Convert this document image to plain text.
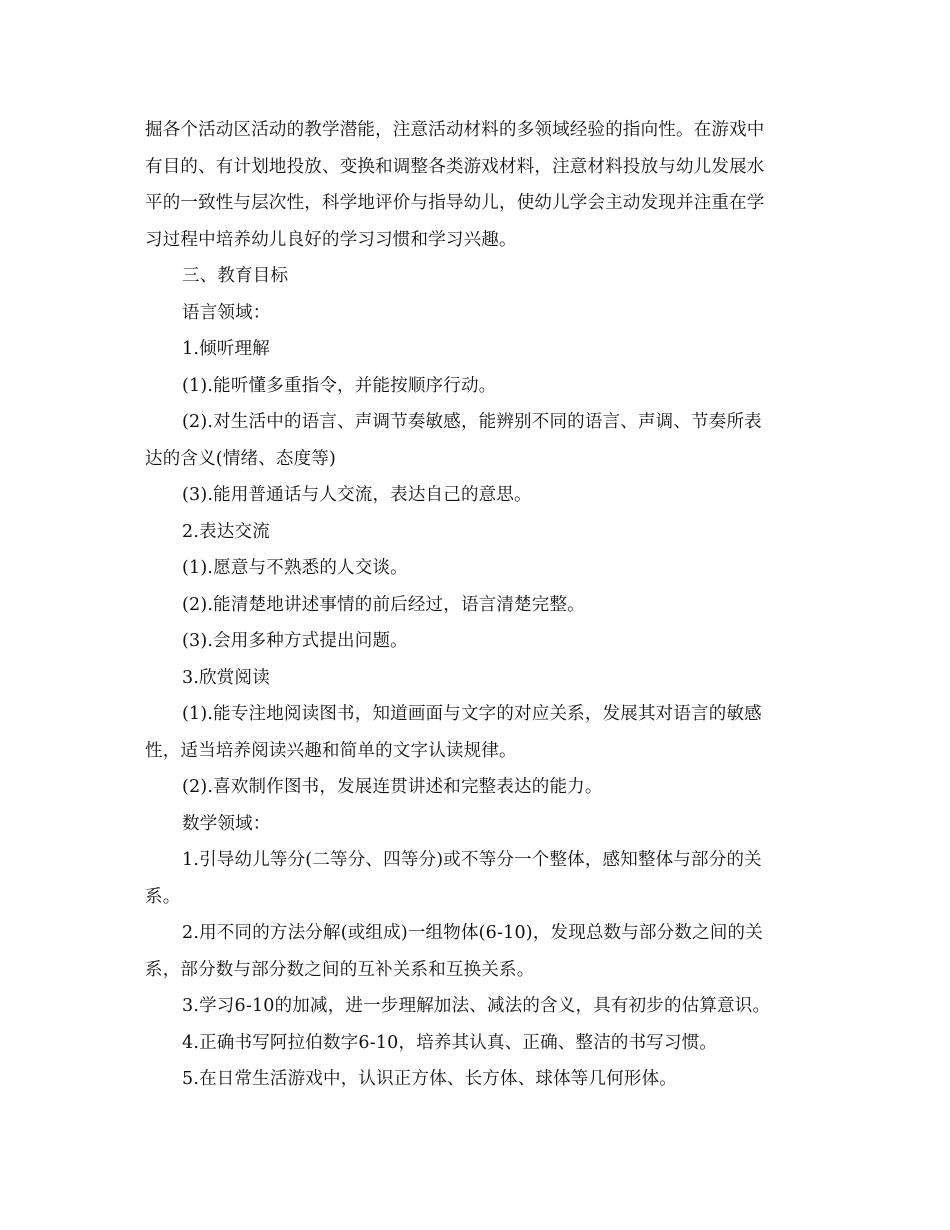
掘各个活动区活动的教学潜能，注意活动材料的多领域经验的指向性。在游戏中
有目的、有计划地投放、变换和调整各类游戏材料，注意材料投放与幼儿发展水
平的一致性与层次性，科学地评价与指导幼儿，使幼儿学会主动发现并注重在学
习过程中培养幼儿良好的学习习惯和学习兴趣。
三、教育目标
语言领域：
1.倾听理解
(1).能听懂多重指令，并能按顺序行动。
(2).对生活中的语言、声调节奏敏感，能辨别不同的语言、声调、节奏所表
达的含义(情绪、态度等)
(3).能用普通话与人交流，表达自己的意思。
2.表达交流
(1).愿意与不熟悉的人交谈。
(2).能清楚地讲述事情的前后经过，语言清楚完整。
(3).会用多种方式提出问题。
3.欣赏阅读
(1).能专注地阅读图书，知道画面与文字的对应关系，发展其对语言的敏感
性，适当培养阅读兴趣和简单的文字认读规律。
(2).喜欢制作图书，发展连贯讲述和完整表达的能力。
数学领域：
1.引导幼儿等分(二等分、四等分)或不等分一个整体，感知整体与部分的关
系。
2.用不同的方法分解(或组成)一组物体(6-10)，发现总数与部分数之间的关
系，部分数与部分数之间的互补关系和互换关系。
3.学习6-10的加减，进一步理解加法、减法的含义，具有初步的估算意识。
4.正确书写阿拉伯数字6-10，培养其认真、正确、整洁的书写习惯。
5.在日常生活游戏中，认识正方体、长方体、球体等几何形体。
